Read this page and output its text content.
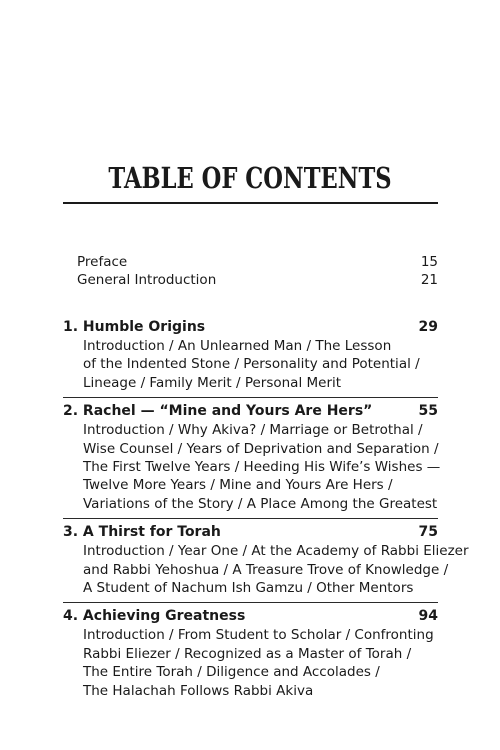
TABLE OF CONTENTS
Preface	15
General Introduction	21
1. Humble Origins	29
Introduction / An Unlearned Man / The Lesson
of the Indented Stone / Personality and Potential /
Lineage / Family Merit / Personal Merit
2. Rachel — “Mine and Yours Are Hers”	55
Introduction / Why Akiva? / Marriage or Betrothal /
Wise Counsel / Years of Deprivation and Separation /
The First Twelve Years / Heeding His Wife’s Wishes —
Twelve More Years / Mine and Yours Are Hers /
Variations of the Story / A Place Among the Greatest
3. A Thirst for Torah	75
Introduction / Year One / At the Academy of Rabbi Eliezer
and Rabbi Yehoshua / A Treasure Trove of Knowledge /
A Student of Nachum Ish Gamzu / Other Mentors
4. Achieving Greatness	94
Introduction / From Student to Scholar / Confronting
Rabbi Eliezer / Recognized as a Master of Torah /
The Entire Torah / Diligence and Accolades /
The Halachah Follows Rabbi Akiva
